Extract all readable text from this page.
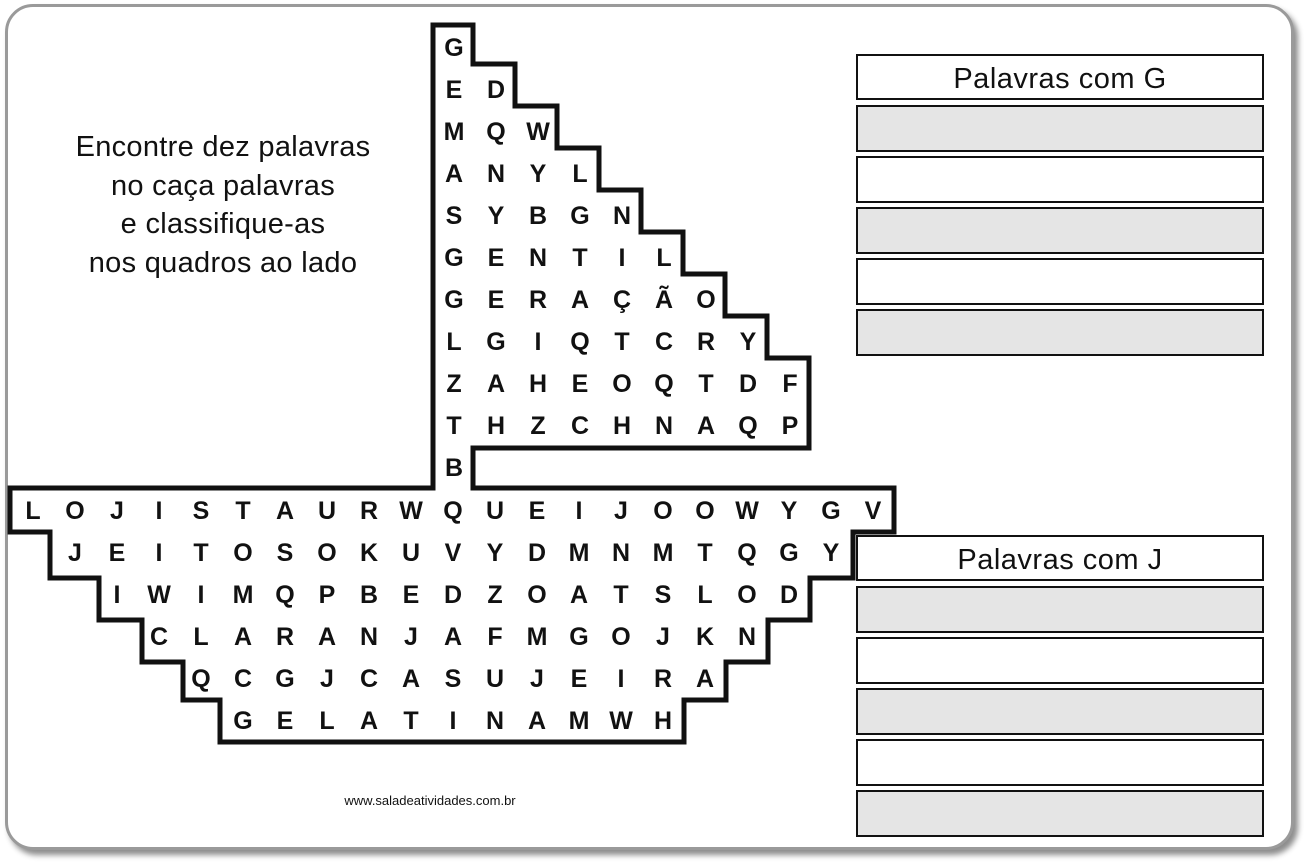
Encontre dez palavras
no caça palavras
e classifique-as
nos quadros ao lado
G
E D
M Q W
A N Y	L
S	Y B G N
G E N	T	I	L
G E R A Ç Ã O
L G	I	Q T	C R Y
Z	A H E O Q T	D	F
T	H	Z	C H N A Q P
B
L O	J	I	S	T	A U R W Q U E	I	J	O O W Y G V
J	E	I	T O S O K U V	Y D M N M T Q G Y
I	W	I	M Q P B E D	Z O A	T	S	L O D
C	L	A R A N	J	A	F M G O	J	K N
Q C G	J	C A S U	J	E	I	R A
G E	L	A	T	I	N A M W H
Palavras com G
Palavras com J
www.saladeatividades.com.br
